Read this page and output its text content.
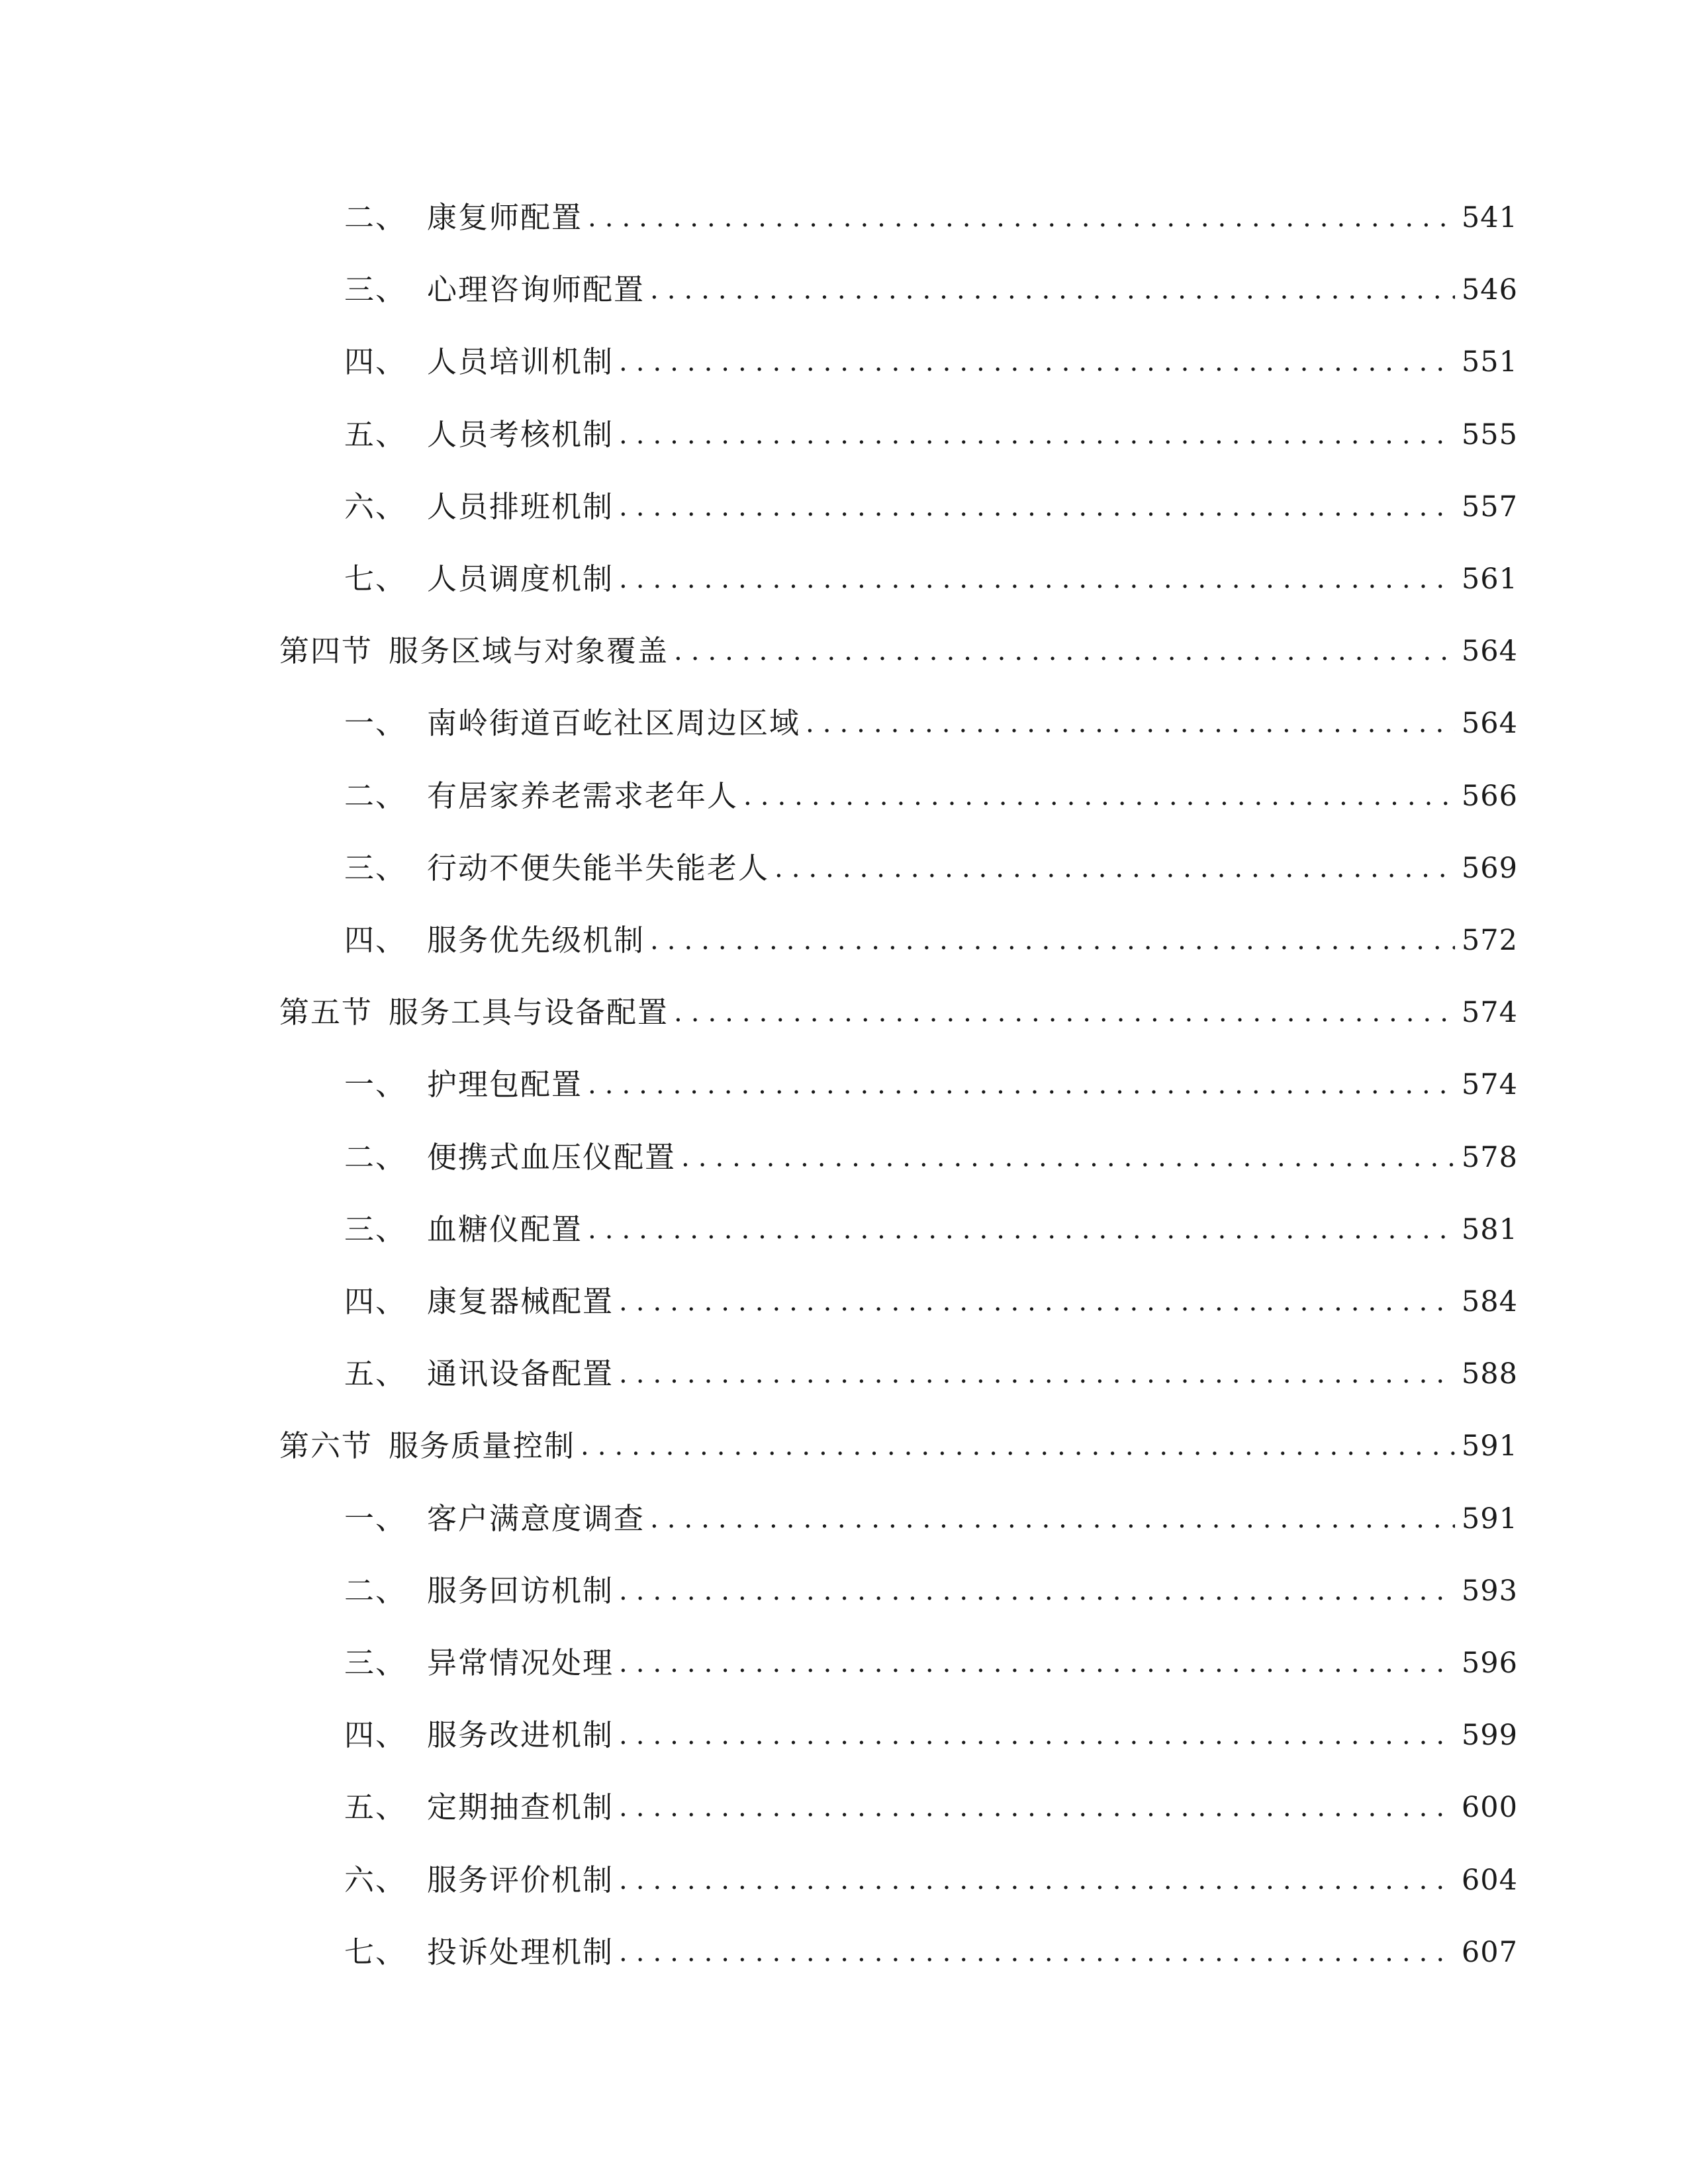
二、 康复师配置 .....	541
三、 心理咨询师配置 .....	546
四、 人员培训机制 .....	551
五、 人员考核机制 .....	555
六、 人员排班机制 .....	557
七、 人员调度机制 .....	561
第四节 服务区域与对象覆盖 .....	564
一、 南岭街道百屹社区周边区域 .....	564
二、 有居家养老需求老年人 .....	566
三、 行动不便失能半失能老人 .....	569
四、 服务优先级机制 .....	572
第五节 服务工具与设备配置 .....	574
一、 护理包配置 .....	574
二、 便携式血压仪配置 .....	578
三、 血糖仪配置 .....	581
四、 康复器械配置 .....	584
五、 通讯设备配置 .....	588
第六节 服务质量控制 .....	591
一、 客户满意度调查 .....	591
二、 服务回访机制 .....	593
三、 异常情况处理 .....	596
四、 服务改进机制 .....	599
五、 定期抽查机制 .....	600
六、 服务评价机制 .....	604
七、 投诉处理机制 .....	607
